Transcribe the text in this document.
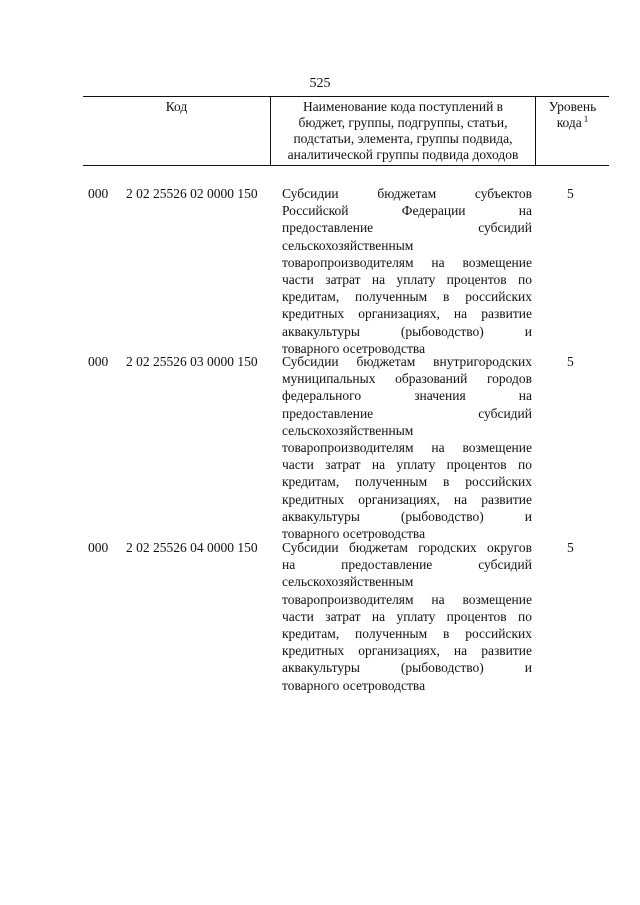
525
Код	Наименование кода поступлений в
бюджет, группы, подгруппы, статьи,
подстатьи, элемента, группы подвида,
аналитической группы подвида доходов
Уровень
кода $^1$
000 2 02 25526 02 0000 150 Субсидии бюджетам субъектов
Российской Федерации на
предоставление субсидий
сельскохозяйственным
товаропроизводителям на возмещение
части затрат на уплату процентов по
кредитам, полученным в российских
кредитных организациях, на развитие
аквакультуры (рыбоводство) и
товарного осетроводства
5
000 2 02 25526 03 0000 150 Субсидии бюджетам внутригородских
муниципальных образований городов
федерального значения на
предоставление субсидий
сельскохозяйственным
товаропроизводителям на возмещение
части затрат на уплату процентов по
кредитам, полученным в российских
кредитных организациях, на развитие
аквакультуры (рыбоводство) и
товарного осетроводства
5
000 2 02 25526 04 0000 150 Субсидии бюджетам городских округов
на предоставление субсидий
сельскохозяйственным
товаропроизводителям на возмещение
части затрат на уплату процентов по
кредитам, полученным в российских
кредитных организациях, на развитие
аквакультуры (рыбоводство) и
товарного осетроводства
5
